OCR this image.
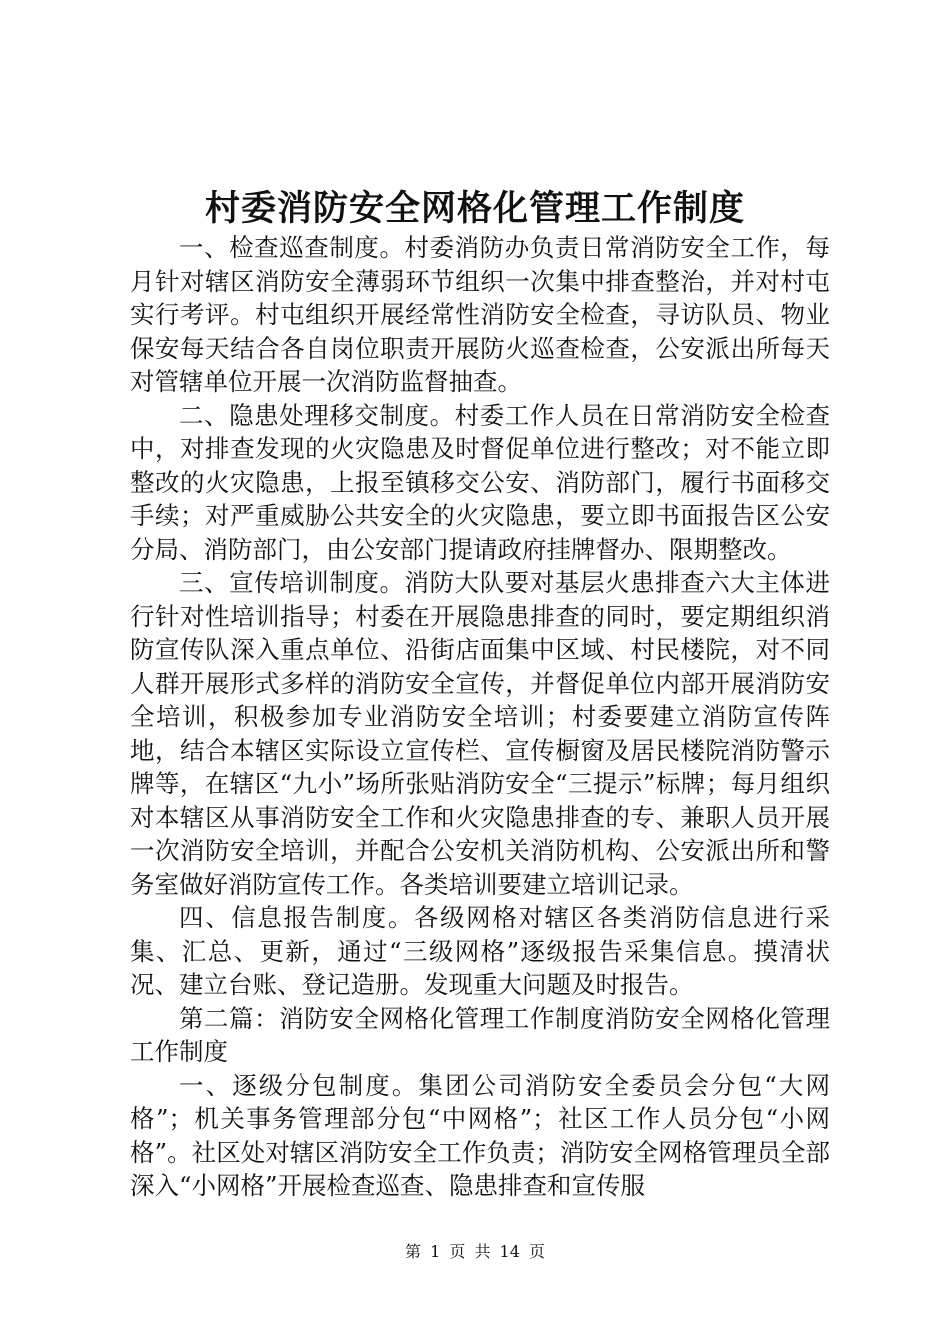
村委消防安全网格化管理工作制度

一、检查巡查制度。村委消防办负责日常消防安全工作，每月针对辖区消防安全薄弱环节组织一次集中排查整治，并对村屯实行考评。村屯组织开展经常性消防安全检查，寻访队员、物业保安每天结合各自岗位职责开展防火巡查检查，公安派出所每天对管辖单位开展一次消防监督抽查。

二、隐患处理移交制度。村委工作人员在日常消防安全检查中，对排查发现的火灾隐患及时督促单位进行整改；对不能立即整改的火灾隐患，上报至镇移交公安、消防部门，履行书面移交手续；对严重威胁公共安全的火灾隐患，要立即书面报告区公安分局、消防部门，由公安部门提请政府挂牌督办、限期整改。

三、宣传培训制度。消防大队要对基层火患排查六大主体进行针对性培训指导；村委在开展隐患排查的同时，要定期组织消防宣传队深入重点单位、沿街店面集中区域、村民楼院，对不同人群开展形式多样的消防安全宣传，并督促单位内部开展消防安全培训，积极参加专业消防安全培训；村委要建立消防宣传阵地，结合本辖区实际设立宣传栏、宣传橱窗及居民楼院消防警示牌等，在辖区“九小”场所张贴消防安全“三提示”标牌；每月组织对本辖区从事消防安全工作和火灾隐患排查的专、兼职人员开展一次消防安全培训，并配合公安机关消防机构、公安派出所和警务室做好消防宣传工作。各类培训要建立培训记录。

四、信息报告制度。各级网格对辖区各类消防信息进行采集、汇总、更新，通过“三级网格”逐级报告采集信息。摸清状况、建立台账、登记造册。发现重大问题及时报告。

第二篇：消防安全网格化管理工作制度消防安全网格化管理工作制度

一、逐级分包制度。集团公司消防安全委员会分包“大网格”；机关事务管理部分包“中网格”；社区工作人员分包“小网格”。社区处对辖区消防安全工作负责；消防安全网格管理员全部深入“小网格”开展检查巡查、隐患排查和宣传服

第 1 页 共 14 页
